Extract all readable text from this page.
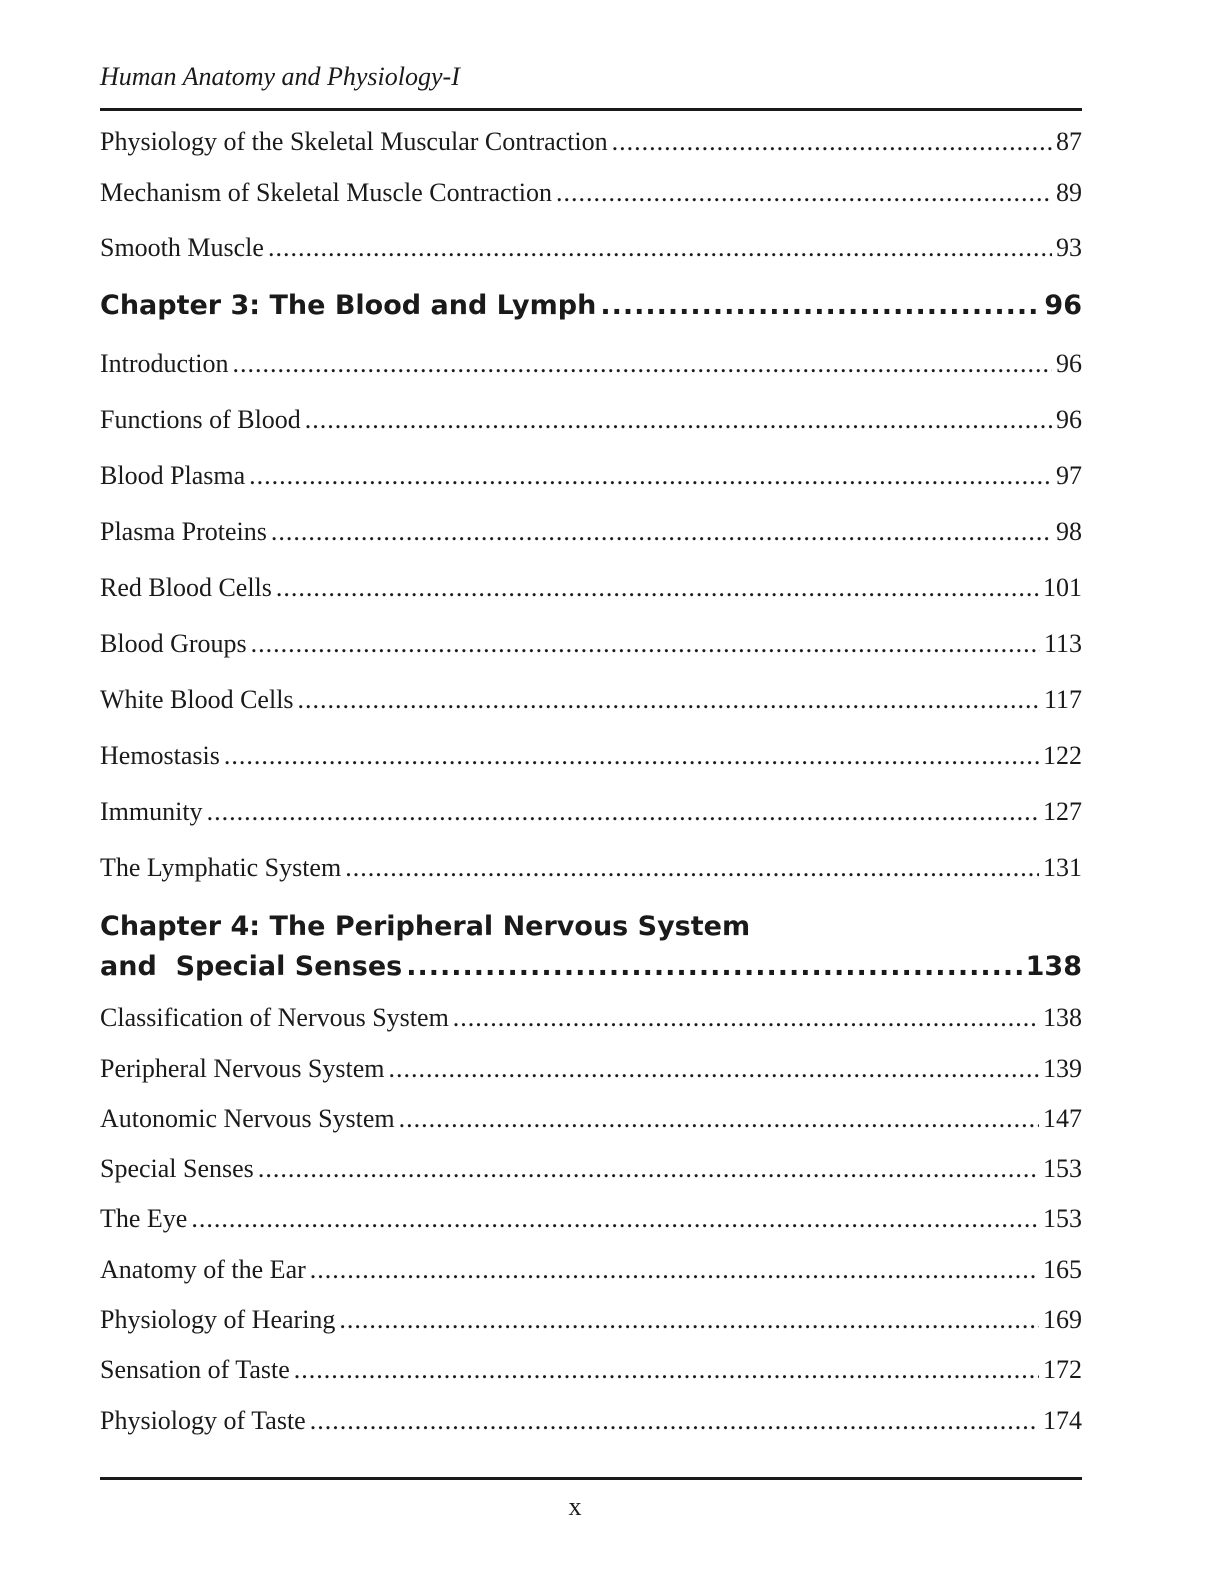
Human Anatomy and Physiology-I
Physiology of the Skeletal Muscular Contraction .....	87
Mechanism of Skeletal Muscle Contraction .....	89
Smooth Muscle .....	93
Chapter 3: The Blood and Lymph .....	96
Introduction .....	96
Functions of Blood .....	96
Blood Plasma .....	97
Plasma Proteins .....	98
Red Blood Cells .....	101
Blood Groups .....	113
White Blood Cells .....	117
Hemostasis .....	122
Immunity .....	127
The Lymphatic System .....	131
Chapter 4: The Peripheral Nervous System
and  Special Senses .....	138
Classification of Nervous System .....	138
Peripheral Nervous System .....	139
Autonomic Nervous System .....	147
Special Senses .....	153
The Eye .....	153
Anatomy of the Ear .....	165
Physiology of Hearing .....	169
Sensation of Taste .....	172
Physiology of Taste .....	174
x
